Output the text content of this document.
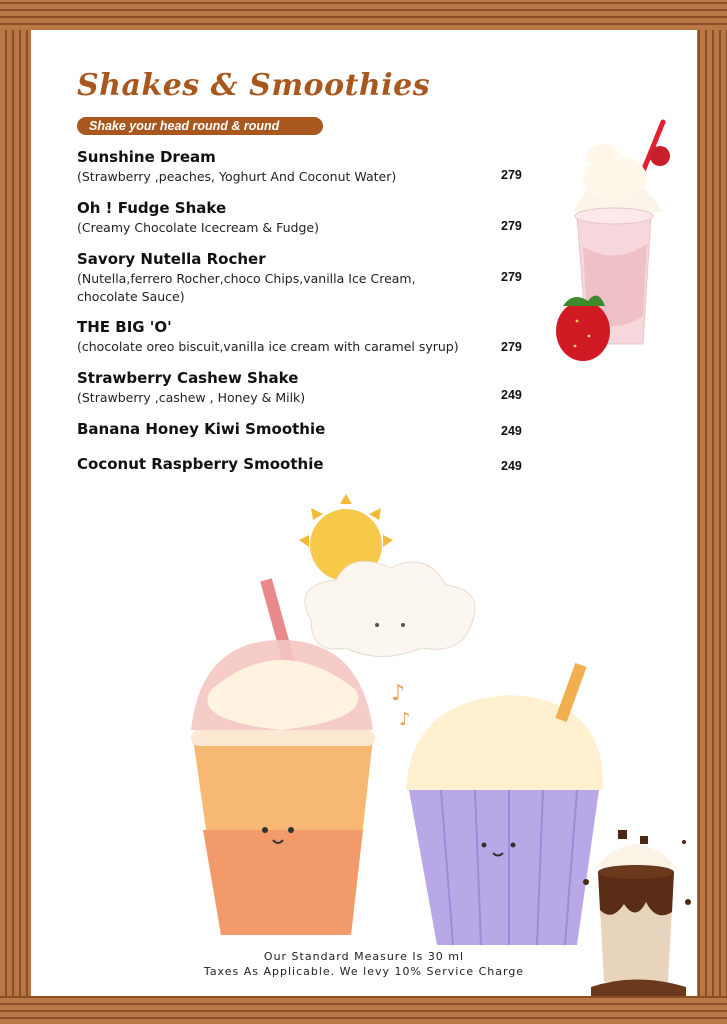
Shakes & Smoothies
Shake your head round & round
Sunshine Dream
(Strawberry ,peaches, Yoghurt And Coconut Water)	279
Oh ! Fudge Shake
(Creamy Chocolate Icecream & Fudge)	279
Savory Nutella Rocher
(Nutella,ferrero Rocher,choco Chips,vanilla Ice Cream, chocolate Sauce)
279
THE BIG 'O'
(chocolate oreo biscuit,vanilla ice cream with caramel syrup)	279
Strawberry Cashew Shake
(Strawberry ,cashew , Honey & Milk)	249
Banana Honey Kiwi Smoothie	249
Coconut Raspberry Smoothie	249
♪
♪
Our Standard Measure Is 30 ml
Taxes As Applicable. We levy 10% Service Charge
